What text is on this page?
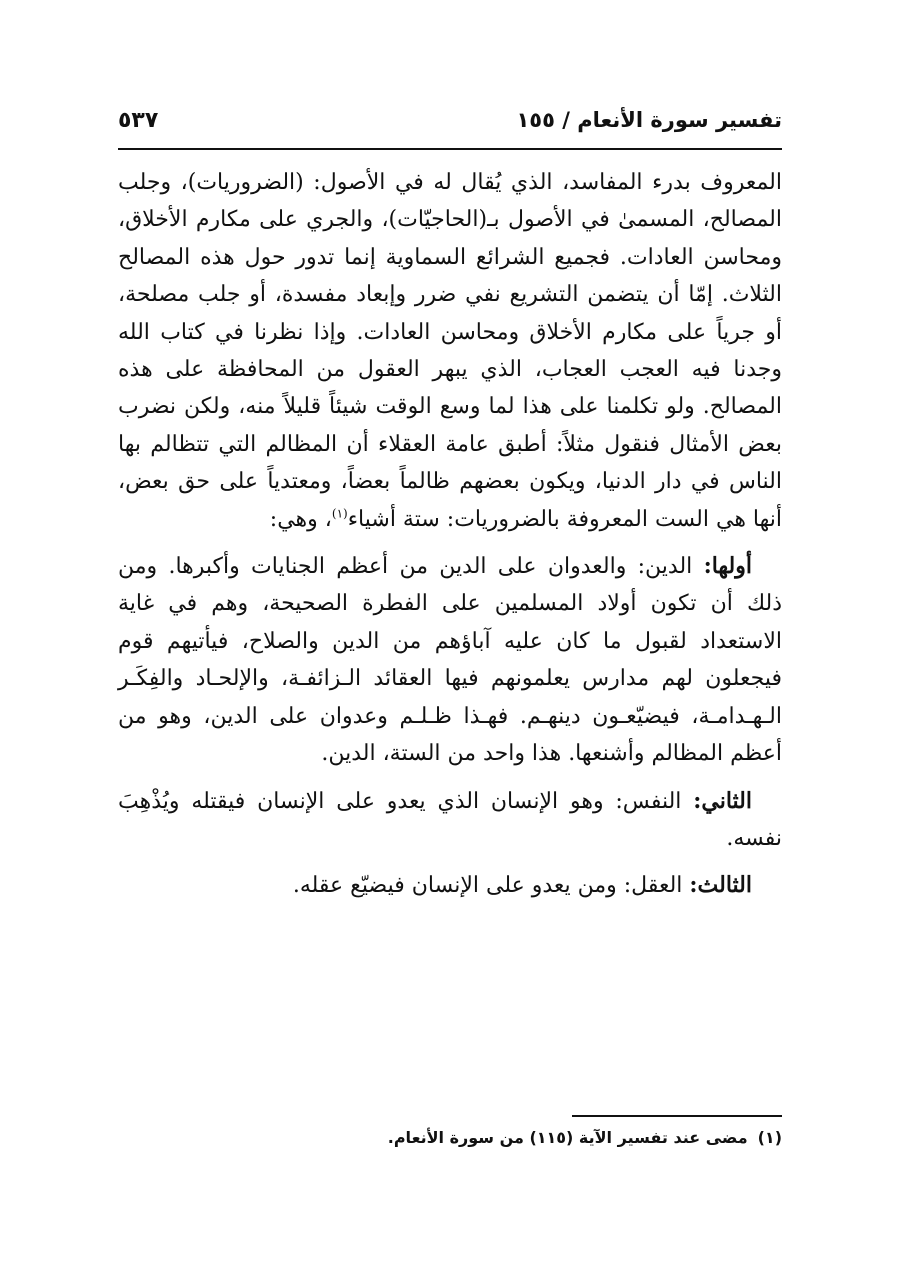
تفسير سورة الأنعام / ١٥٥
٥٣٧

المعروف بدرء المفاسد، الذي يُقال له في الأصول: (الضروريات)، وجلب المصالح، المسمىٰ في الأصول بـ(الحاجيّات)، والجري على مكارم الأخلاق، ومحاسن العادات. فجميع الشرائع السماوية إنما تدور حول هذه المصالح الثلاث. إمّا أن يتضمن التشريع نفي ضرر وإبعاد مفسدة، أو جلب مصلحة، أو جرياً على مكارم الأخلاق ومحاسن العادات. وإذا نظرنا في كتاب الله وجدنا فيه العجب العجاب، الذي يبهر العقول من المحافظة على هذه المصالح. ولو تكلمنا على هذا لما وسع الوقت شيئاً قليلاً منه، ولكن نضرب بعض الأمثال فنقول مثلاً: أطبق عامة العقلاء أن المظالم التي تتظالم بها الناس في دار الدنيا، ويكون بعضهم ظالماً بعضاً، ومعتدياً على حق بعض، أنها هي الست المعروفة بالضروريات: ستة أشياء$^{(١)}$، وهي:

أولها: الدين: والعدوان على الدين من أعظم الجنايات وأكبرها. ومن ذلك أن تكون أولاد المسلمين على الفطرة الصحيحة، وهم في غاية الاستعداد لقبول ما كان عليه آباؤهم من الدين والصلاح، فيأتيهم قوم فيجعلون لهم مدارس يعلمونهم فيها العقائد الـزائفـة، والإلحـاد والفِكَـر الـهـدامـة، فيضيّعـون دينهـم. فهـذا ظـلـم وعدوان على الدين، وهو من أعظم المظالم وأشنعها. هذا واحد من الستة، الدين.

الثاني: النفس: وهو الإنسان الذي يعدو على الإنسان فيقتله ويُذْهِبَ نفسه.

الثالث: العقل: ومن يعدو على الإنسان فيضيّع عقله.

(١)مضى عند تفسير الآية (١١٥) من سورة الأنعام.
